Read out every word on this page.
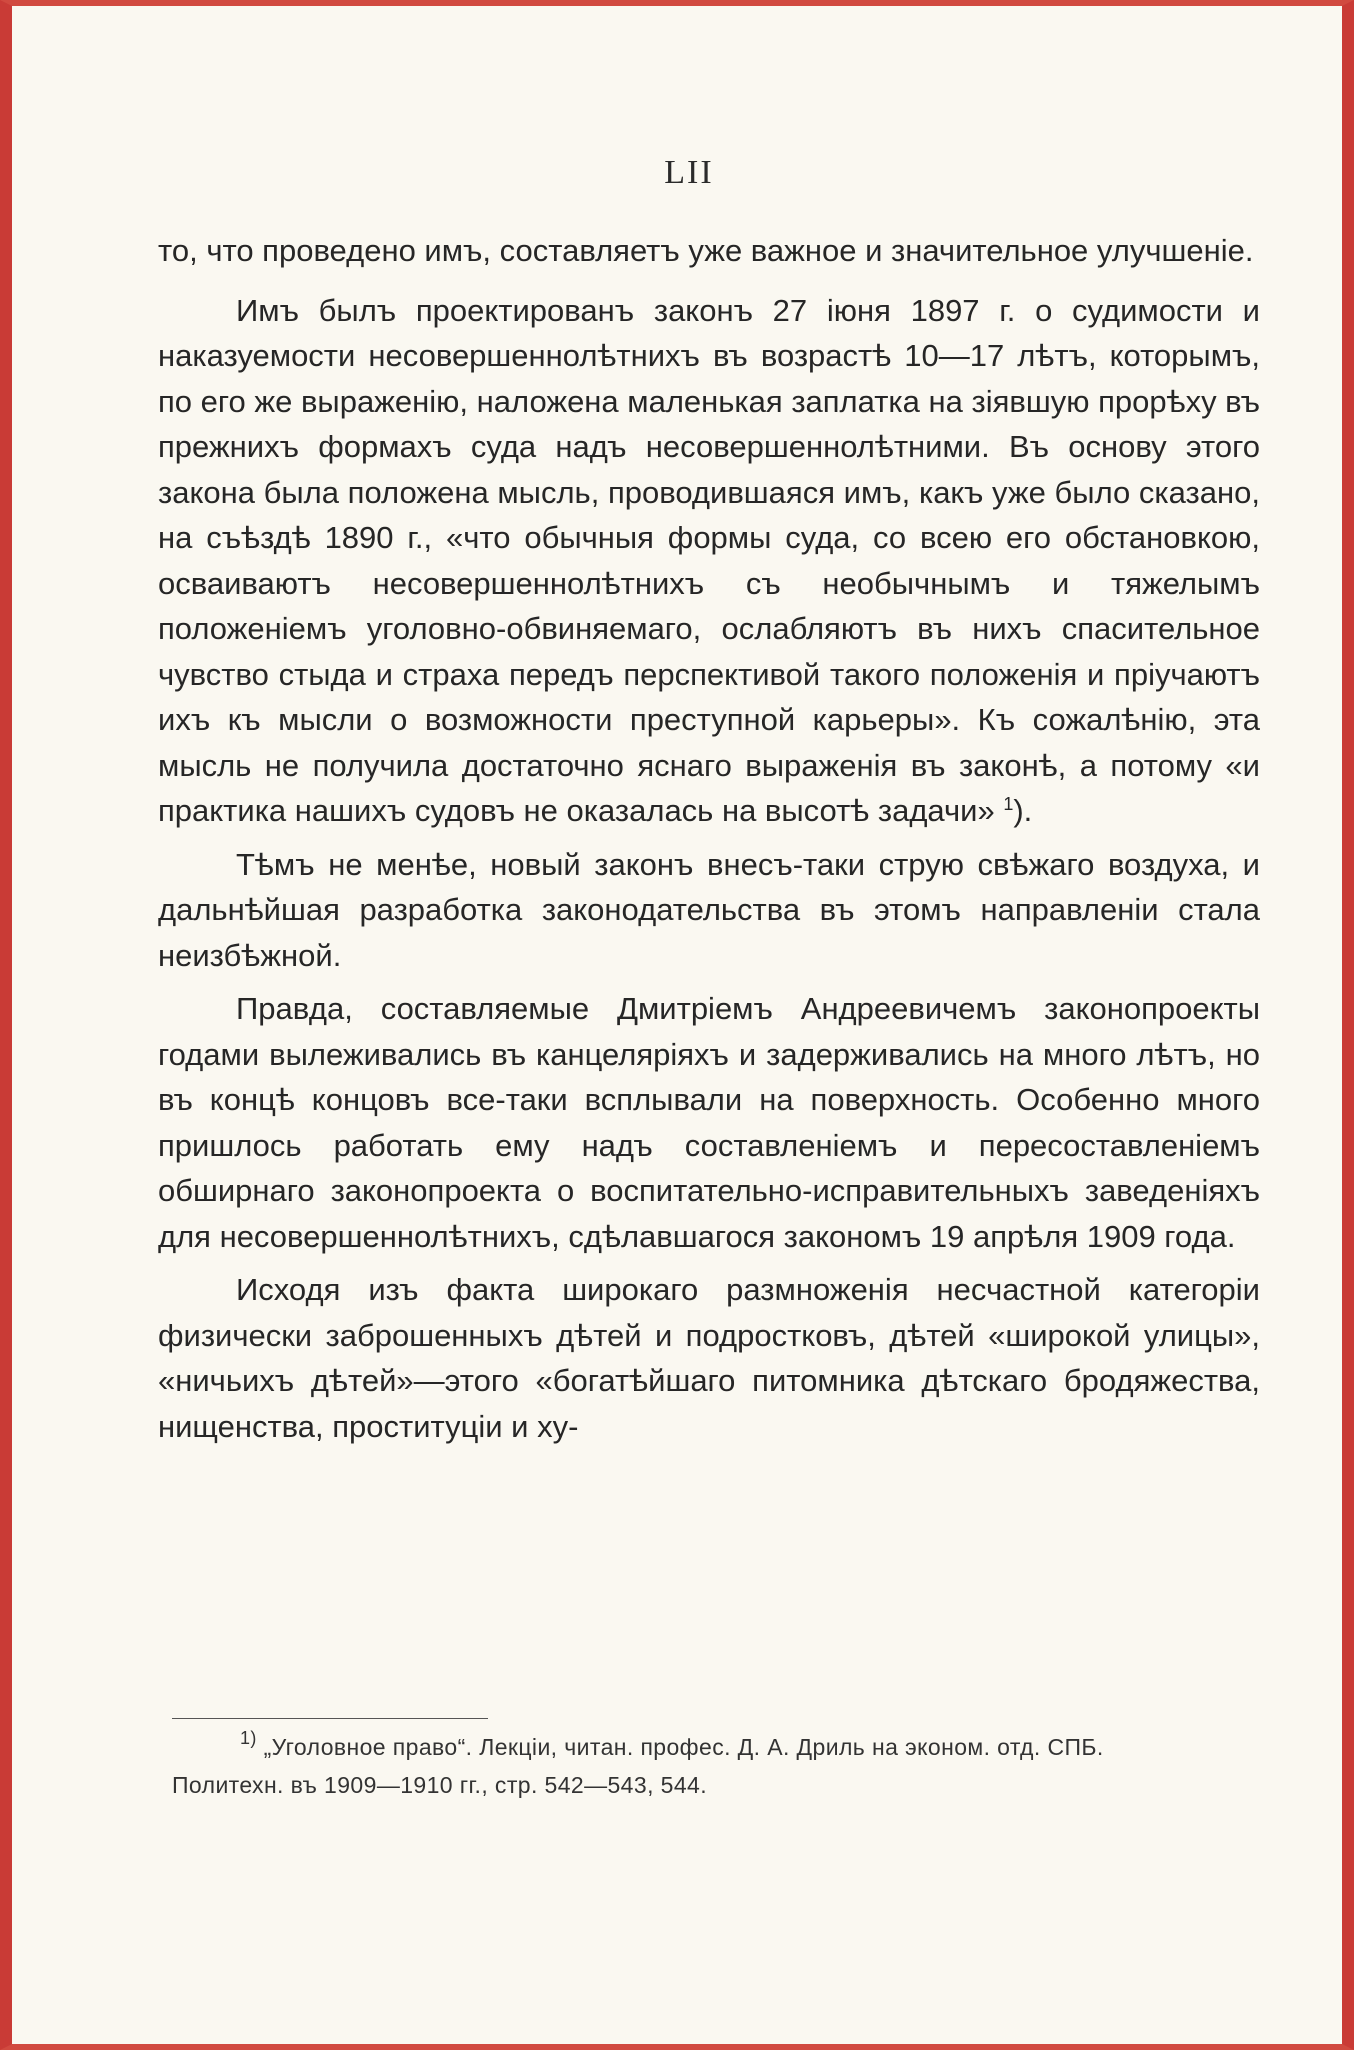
LII

то, что проведено имъ, составляетъ уже важное и значительное улучшеніе.

Имъ былъ проектированъ законъ 27 іюня 1897 г. о судимости и наказуемости несовершеннолѣтнихъ въ возрастѣ 10—17 лѣтъ, которымъ, по его же выраженію, наложена маленькая заплатка на зіявшую прорѣху въ прежнихъ формахъ суда надъ несовершеннолѣтними. Въ основу этого закона была положена мысль, проводившаяся имъ, какъ уже было сказано, на съѣздѣ 1890 г., «что обычныя формы суда, со всею его обстановкою, осваиваютъ несовершеннолѣтнихъ съ необычнымъ и тяжелымъ положеніемъ уголовно-обвиняемаго, ослабляютъ въ нихъ спасительное чувство стыда и страха передъ перспективой такого положенія и пріучаютъ ихъ къ мысли о возможности преступной карьеры». Къ сожалѣнію, эта мысль не получила достаточно яснаго выраженія въ законѣ, а потому «и практика нашихъ судовъ не оказалась на высотѣ задачи» $^1$).

Тѣмъ не менѣе, новый законъ внесъ-таки струю свѣжаго воздуха, и дальнѣйшая разработка законодательства въ этомъ направленіи стала неизбѣжной.

Правда, составляемые Дмитріемъ Андреевичемъ законопроекты годами вылеживались въ канцеляріяхъ и задерживались на много лѣтъ, но въ концѣ концовъ все-таки всплывали на поверхность. Особенно много пришлось работать ему надъ составленіемъ и пересоставленіемъ обширнаго законопроекта о воспитательно-исправительныхъ заведеніяхъ для несовершеннолѣтнихъ, сдѣлавшагося закономъ 19 апрѣля 1909 года.

Исходя изъ факта широкаго размноженія несчастной категоріи физически заброшенныхъ дѣтей и подростковъ, дѣтей «широкой улицы», «ничьихъ дѣтей»—этого «богатѣйшаго питомника дѣтскаго бродяжества, нищенства, проституціи и ху-

$^{1)}$ „Уголовное право“. Лекціи, читан. профес. Д. А. Дриль на эконом. отд. СПБ.

Политехн. въ 1909—1910 гг., стр. 542—543, 544.
